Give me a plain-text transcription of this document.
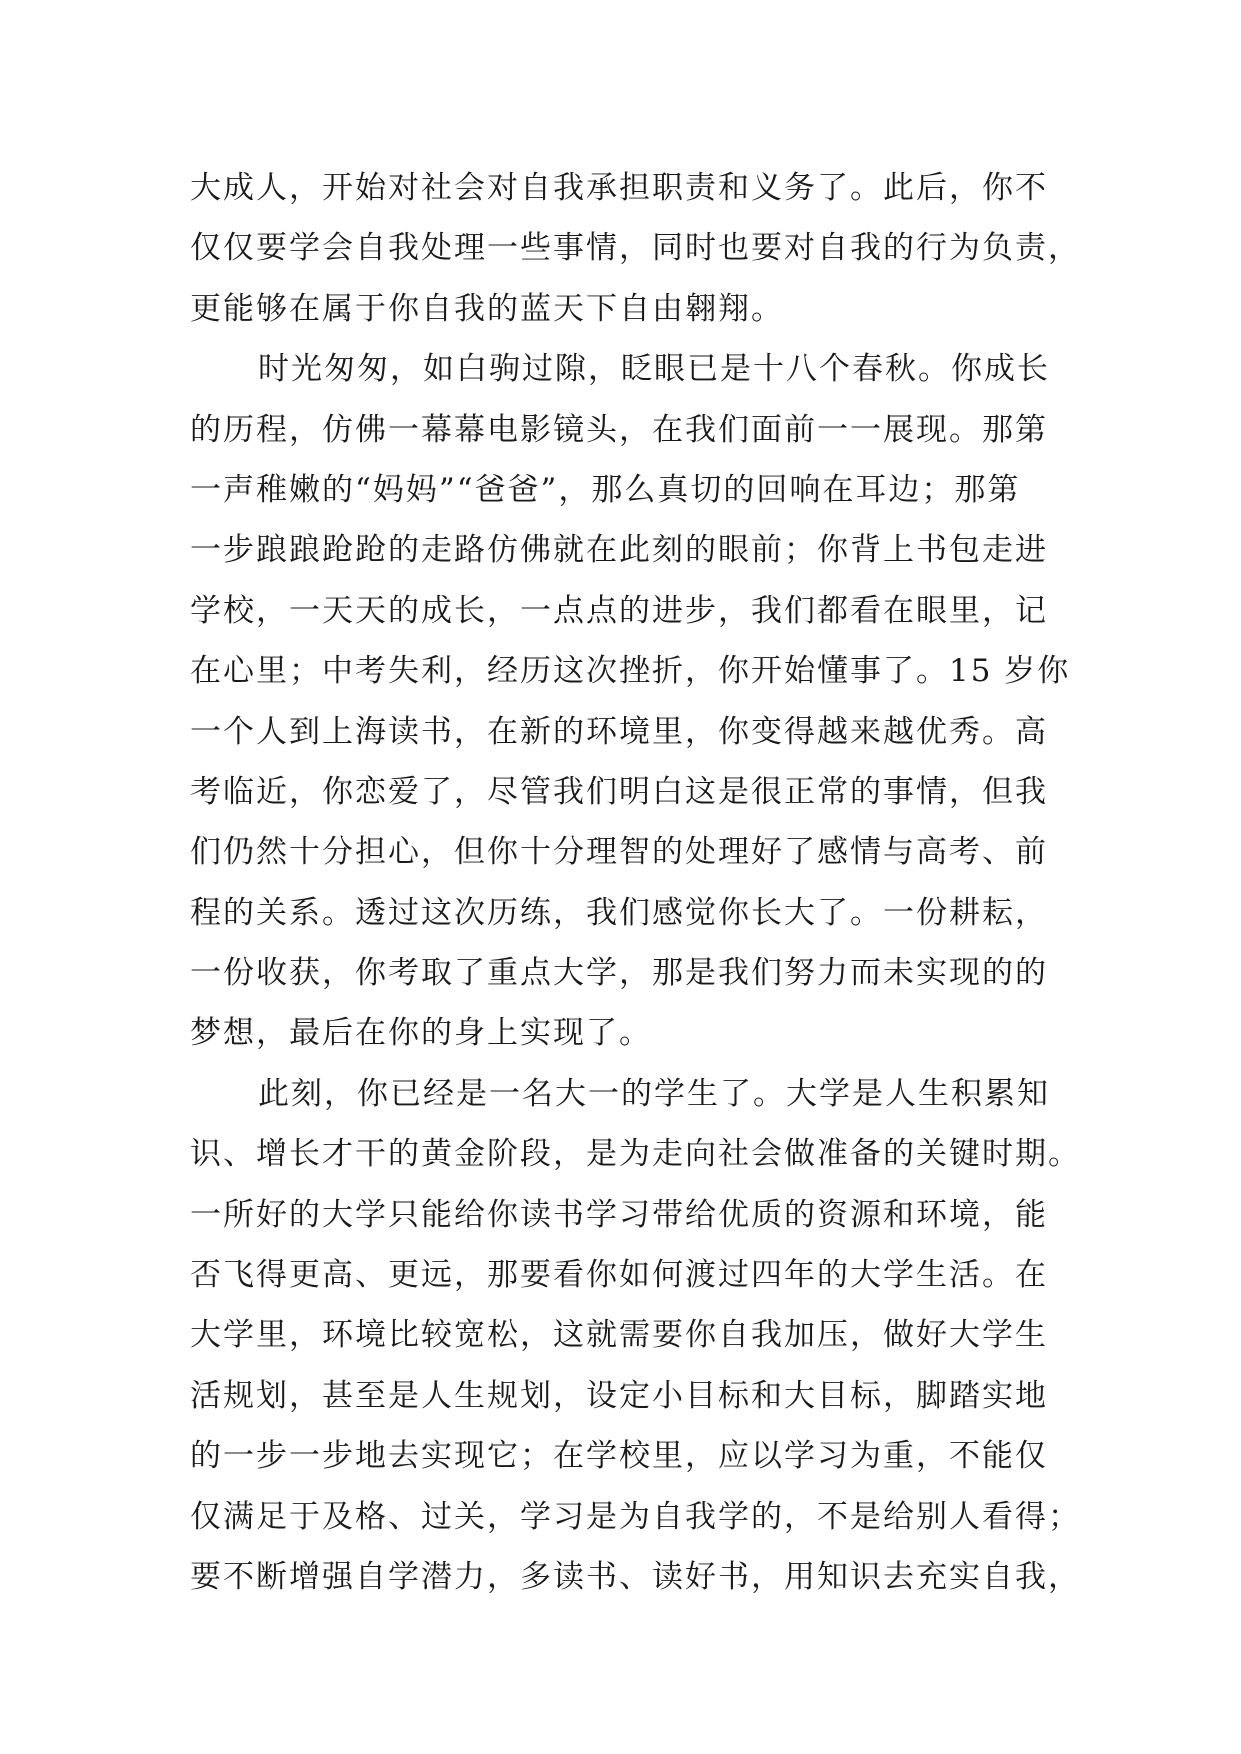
大成人，开始对社会对自我承担职责和义务了。此后，你不
仅仅要学会自我处理一些事情，同时也要对自我的行为负责，
更能够在属于你自我的蓝天下自由翱翔。
时光匆匆，如白驹过隙，眨眼已是十八个春秋。你成长
的历程，仿佛一幕幕电影镜头，在我们面前一一展现。那第
一声稚嫩的“妈妈”“爸爸”，那么真切的回响在耳边；那第
一步踉踉跄跄的走路仿佛就在此刻的眼前；你背上书包走进
学校，一天天的成长，一点点的进步，我们都看在眼里，记
在心里；中考失利，经历这次挫折，你开始懂事了。15 岁你
一个人到上海读书，在新的环境里，你变得越来越优秀。高
考临近，你恋爱了，尽管我们明白这是很正常的事情，但我
们仍然十分担心，但你十分理智的处理好了感情与高考、前
程的关系。透过这次历练，我们感觉你长大了。一份耕耘，
一份收获，你考取了重点大学，那是我们努力而未实现的的
梦想，最后在你的身上实现了。
此刻，你已经是一名大一的学生了。大学是人生积累知
识、增长才干的黄金阶段，是为走向社会做准备的关键时期。
一所好的大学只能给你读书学习带给优质的资源和环境，能
否飞得更高、更远，那要看你如何渡过四年的大学生活。在
大学里，环境比较宽松，这就需要你自我加压，做好大学生
活规划，甚至是人生规划，设定小目标和大目标，脚踏实地
的一步一步地去实现它；在学校里，应以学习为重，不能仅
仅满足于及格、过关，学习是为自我学的，不是给别人看得；
要不断增强自学潜力，多读书、读好书，用知识去充实自我，
